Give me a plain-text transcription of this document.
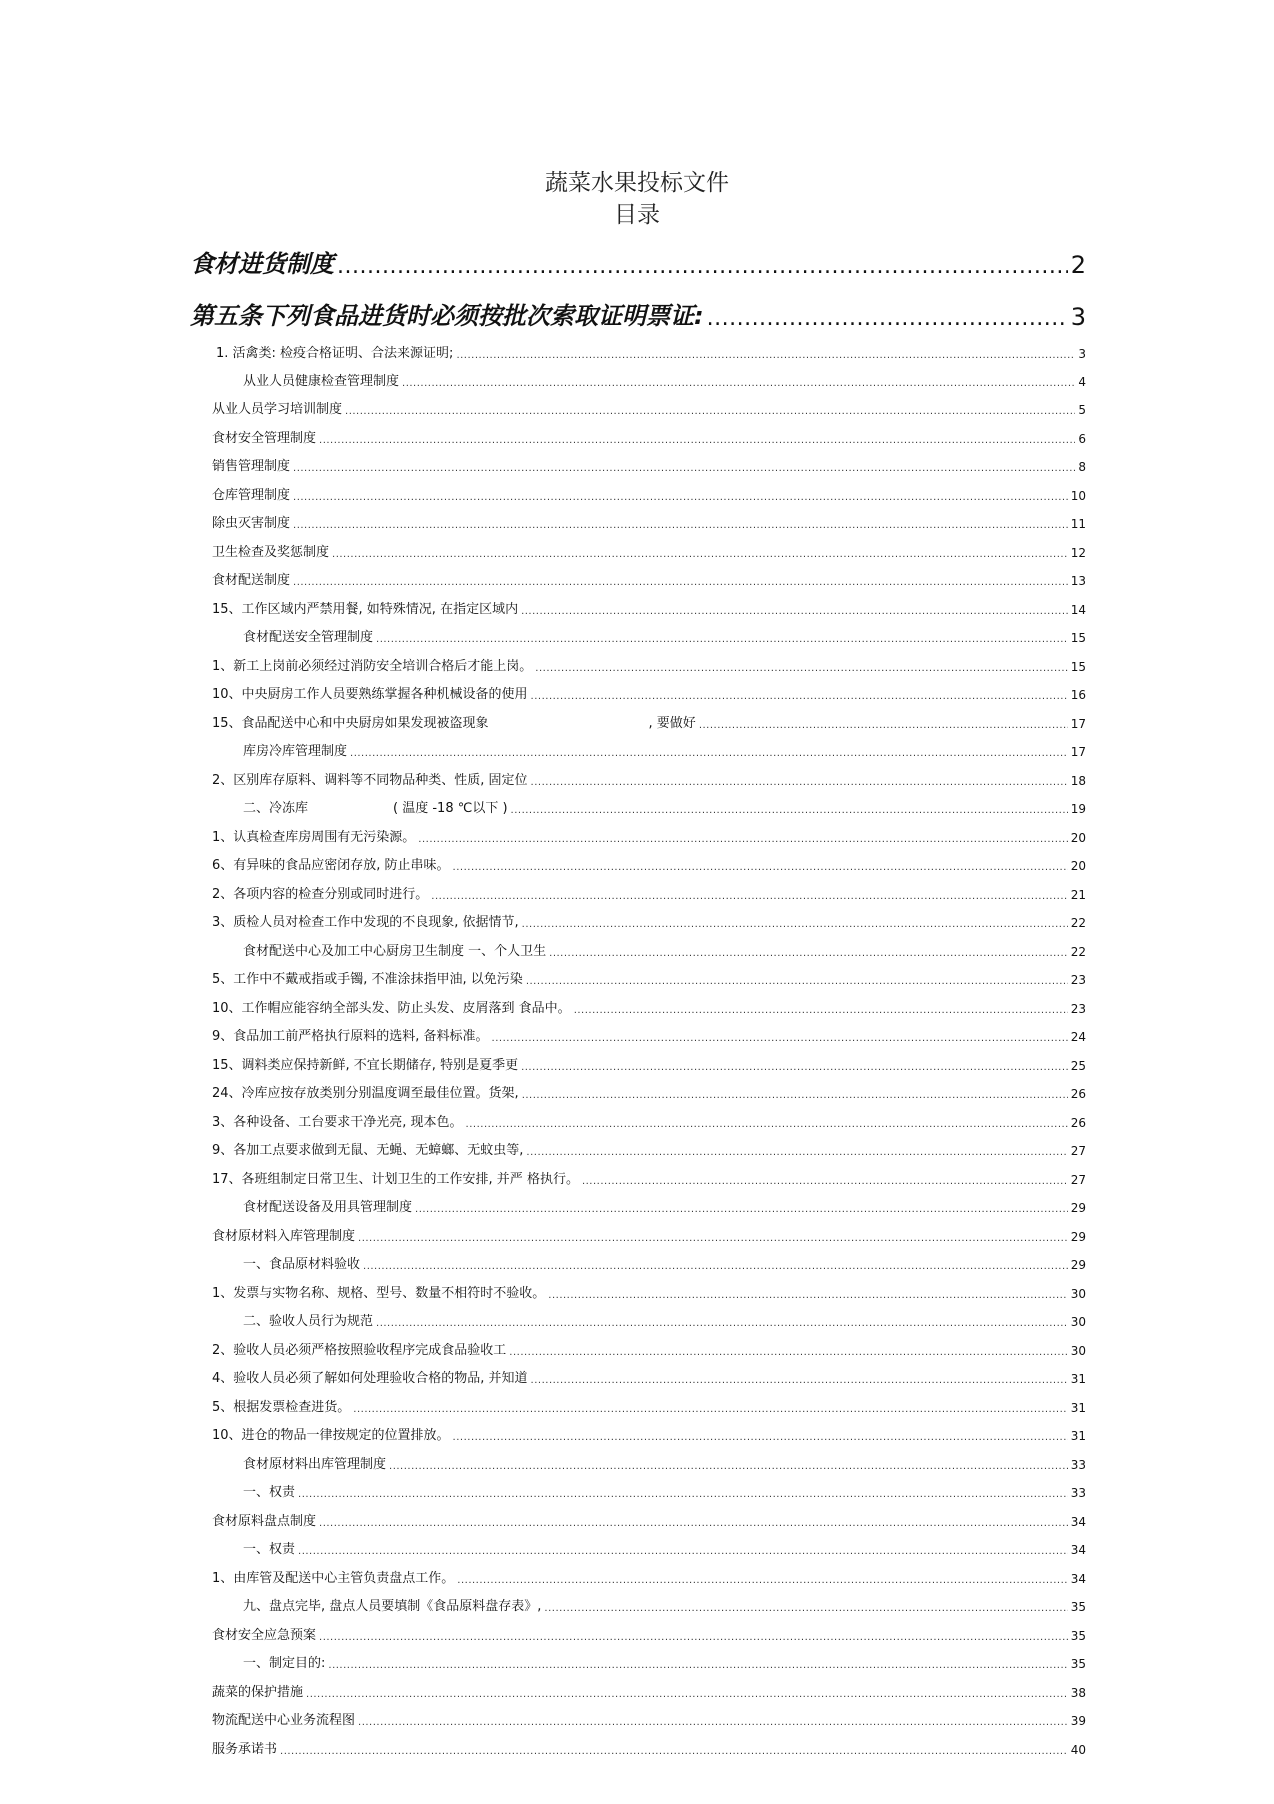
蔬菜水果投标文件
目录
食材进货制度 .....	2
第五条下列食品进货时必须按批次索取证明票证: .....	3
1. 活禽类: 检疫合格证明、合法来源证明; .....	3
从业人员健康检查管理制度 .....	4
从业人员学习培训制度 .....	5
食材安全管理制度 .....	6
销售管理制度 .....	8
仓库管理制度 .....	10
除虫灭害制度 .....	11
卫生检查及奖惩制度 .....	12
食材配送制度 .....	13
15、工作区域内严禁用餐, 如特殊情况, 在指定区域内 .....	14
食材配送安全管理制度 .....	15
1、新工上岗前必须经过消防安全培训合格后才能上岗。 .....	15
10、中央厨房工作人员要熟练掌握各种机械设备的使用 .....	16
15、食品配送中心和中央厨房如果发现被盗现象	, 要做好 .....	17
库房冷库管理制度 .....	17
2、区别库存原料、调料等不同物品种类、性质, 固定位 .....	18
二、冷冻库	( 温度 -18 ℃以下 ) .....	19
1、认真检查库房周围有无污染源。 .....	20
6、有异味的食品应密闭存放, 防止串味。 .....	20
2、各项内容的检查分别或同时进行。 .....	21
3、质检人员对检查工作中发现的不良现象, 依据情节, .....	22
食材配送中心及加工中心厨房卫生制度 一、个人卫生 .....	22
5、工作中不戴戒指或手镯, 不准涂抹指甲油, 以免污染 .....	23
10、工作帽应能容纳全部头发、防止头发、皮屑落到 食品中。 .....	23
9、食品加工前严格执行原料的选料, 备料标准。 .....	24
15、调料类应保持新鲜, 不宜长期储存, 特别是夏季更 .....	25
24、冷库应按存放类别分别温度调至最佳位置。货架, .....	26
3、各种设备、工台要求干净光亮, 现本色。 .....	26
9、各加工点要求做到无鼠、无蝇、无蟑螂、无蚊虫等, .....	27
17、各班组制定日常卫生、计划卫生的工作安排, 并严 格执行。 .....	27
食材配送设备及用具管理制度 .....	29
食材原材料入库管理制度 .....	29
一、食品原材料验收 .....	29
1、发票与实物名称、规格、型号、数量不相符时不验收。 .....	30
二、验收人员行为规范 .....	30
2、验收人员必须严格按照验收程序完成食品验收工 .....	30
4、验收人员必须了解如何处理验收合格的物品, 并知道 .....	31
5、根据发票检查进货。 .....	31
10、进仓的物品一律按规定的位置排放。 .....	31
食材原材料出库管理制度 .....	33
一、权责 .....	33
食材原料盘点制度 .....	34
一、权责 .....	34
1、由库管及配送中心主管负责盘点工作。 .....	34
九、盘点完毕, 盘点人员要填制《食品原料盘存表》, .....	35
食材安全应急预案 .....	35
一、制定目的: .....	35
蔬菜的保护措施 .....	38
物流配送中心业务流程图 .....	39
服务承诺书 .....	40
